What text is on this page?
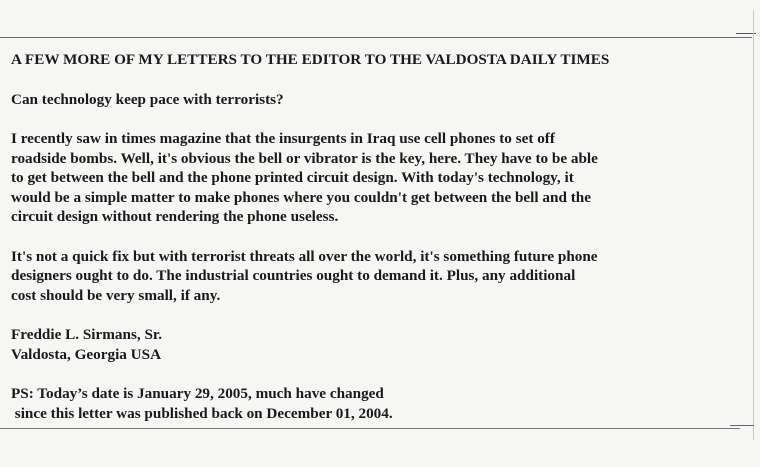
A FEW MORE OF MY LETTERS TO THE EDITOR TO THE VALDOSTA DAILY TIMES

Can technology keep pace with terrorists?

I recently saw in times magazine that the insurgents in Iraq use cell phones to set off
roadside bombs. Well, it's obvious the bell or vibrator is the key, here. They have to be able
to get between the bell and the phone printed circuit design. With today's technology, it
would be a simple matter to make phones where you couldn't get between the bell and the
circuit design without rendering the phone useless.

It's not a quick fix but with terrorist threats all over the world, it's something future phone
designers ought to do. The industrial countries ought to demand it. Plus, any additional
cost should be very small, if any.

Freddie L. Sirmans, Sr.
Valdosta, Georgia USA

PS: Today’s date is January 29, 2005, much have changed
since this letter was published back on December 01, 2004.
